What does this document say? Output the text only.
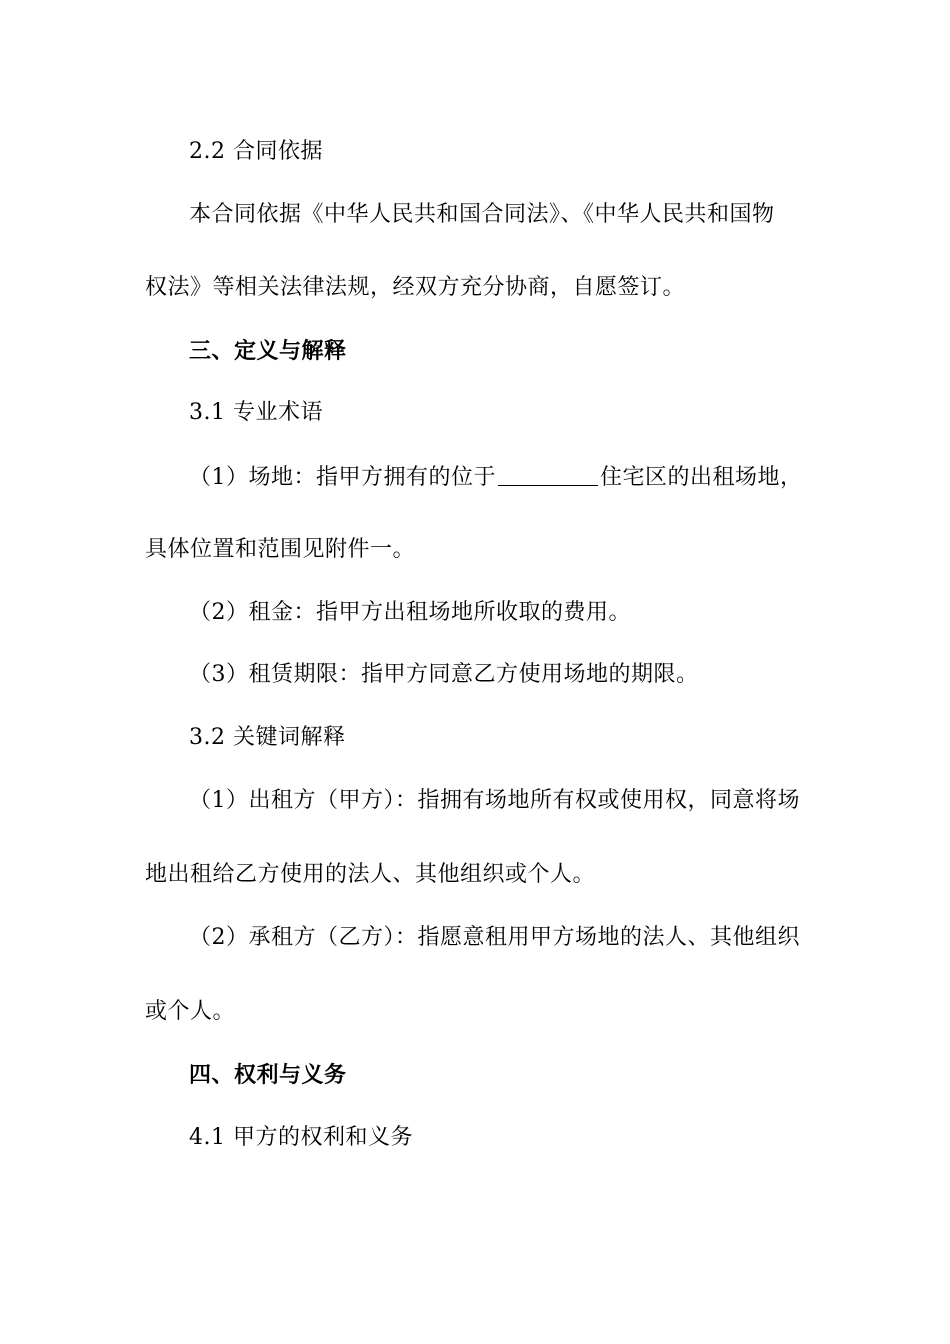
2.2 合同依据
本合同依据《中华人民共和国合同法》、《中华人民共和国物
权法》等相关法律法规，经双方充分协商，自愿签订。
三、定义与解释
3.1 专业术语
（1）场地：指甲方拥有的位于	住宅区的出租场地，
具体位置和范围见附件一。
（2）租金：指甲方出租场地所收取的费用。
（3）租赁期限：指甲方同意乙方使用场地的期限。
3.2 关键词解释
（1）出租方（甲方）：指拥有场地所有权或使用权，同意将场
地出租给乙方使用的法人、其他组织或个人。
（2）承租方（乙方）：指愿意租用甲方场地的法人、其他组织
或个人。
四、权利与义务
4.1 甲方的权利和义务
